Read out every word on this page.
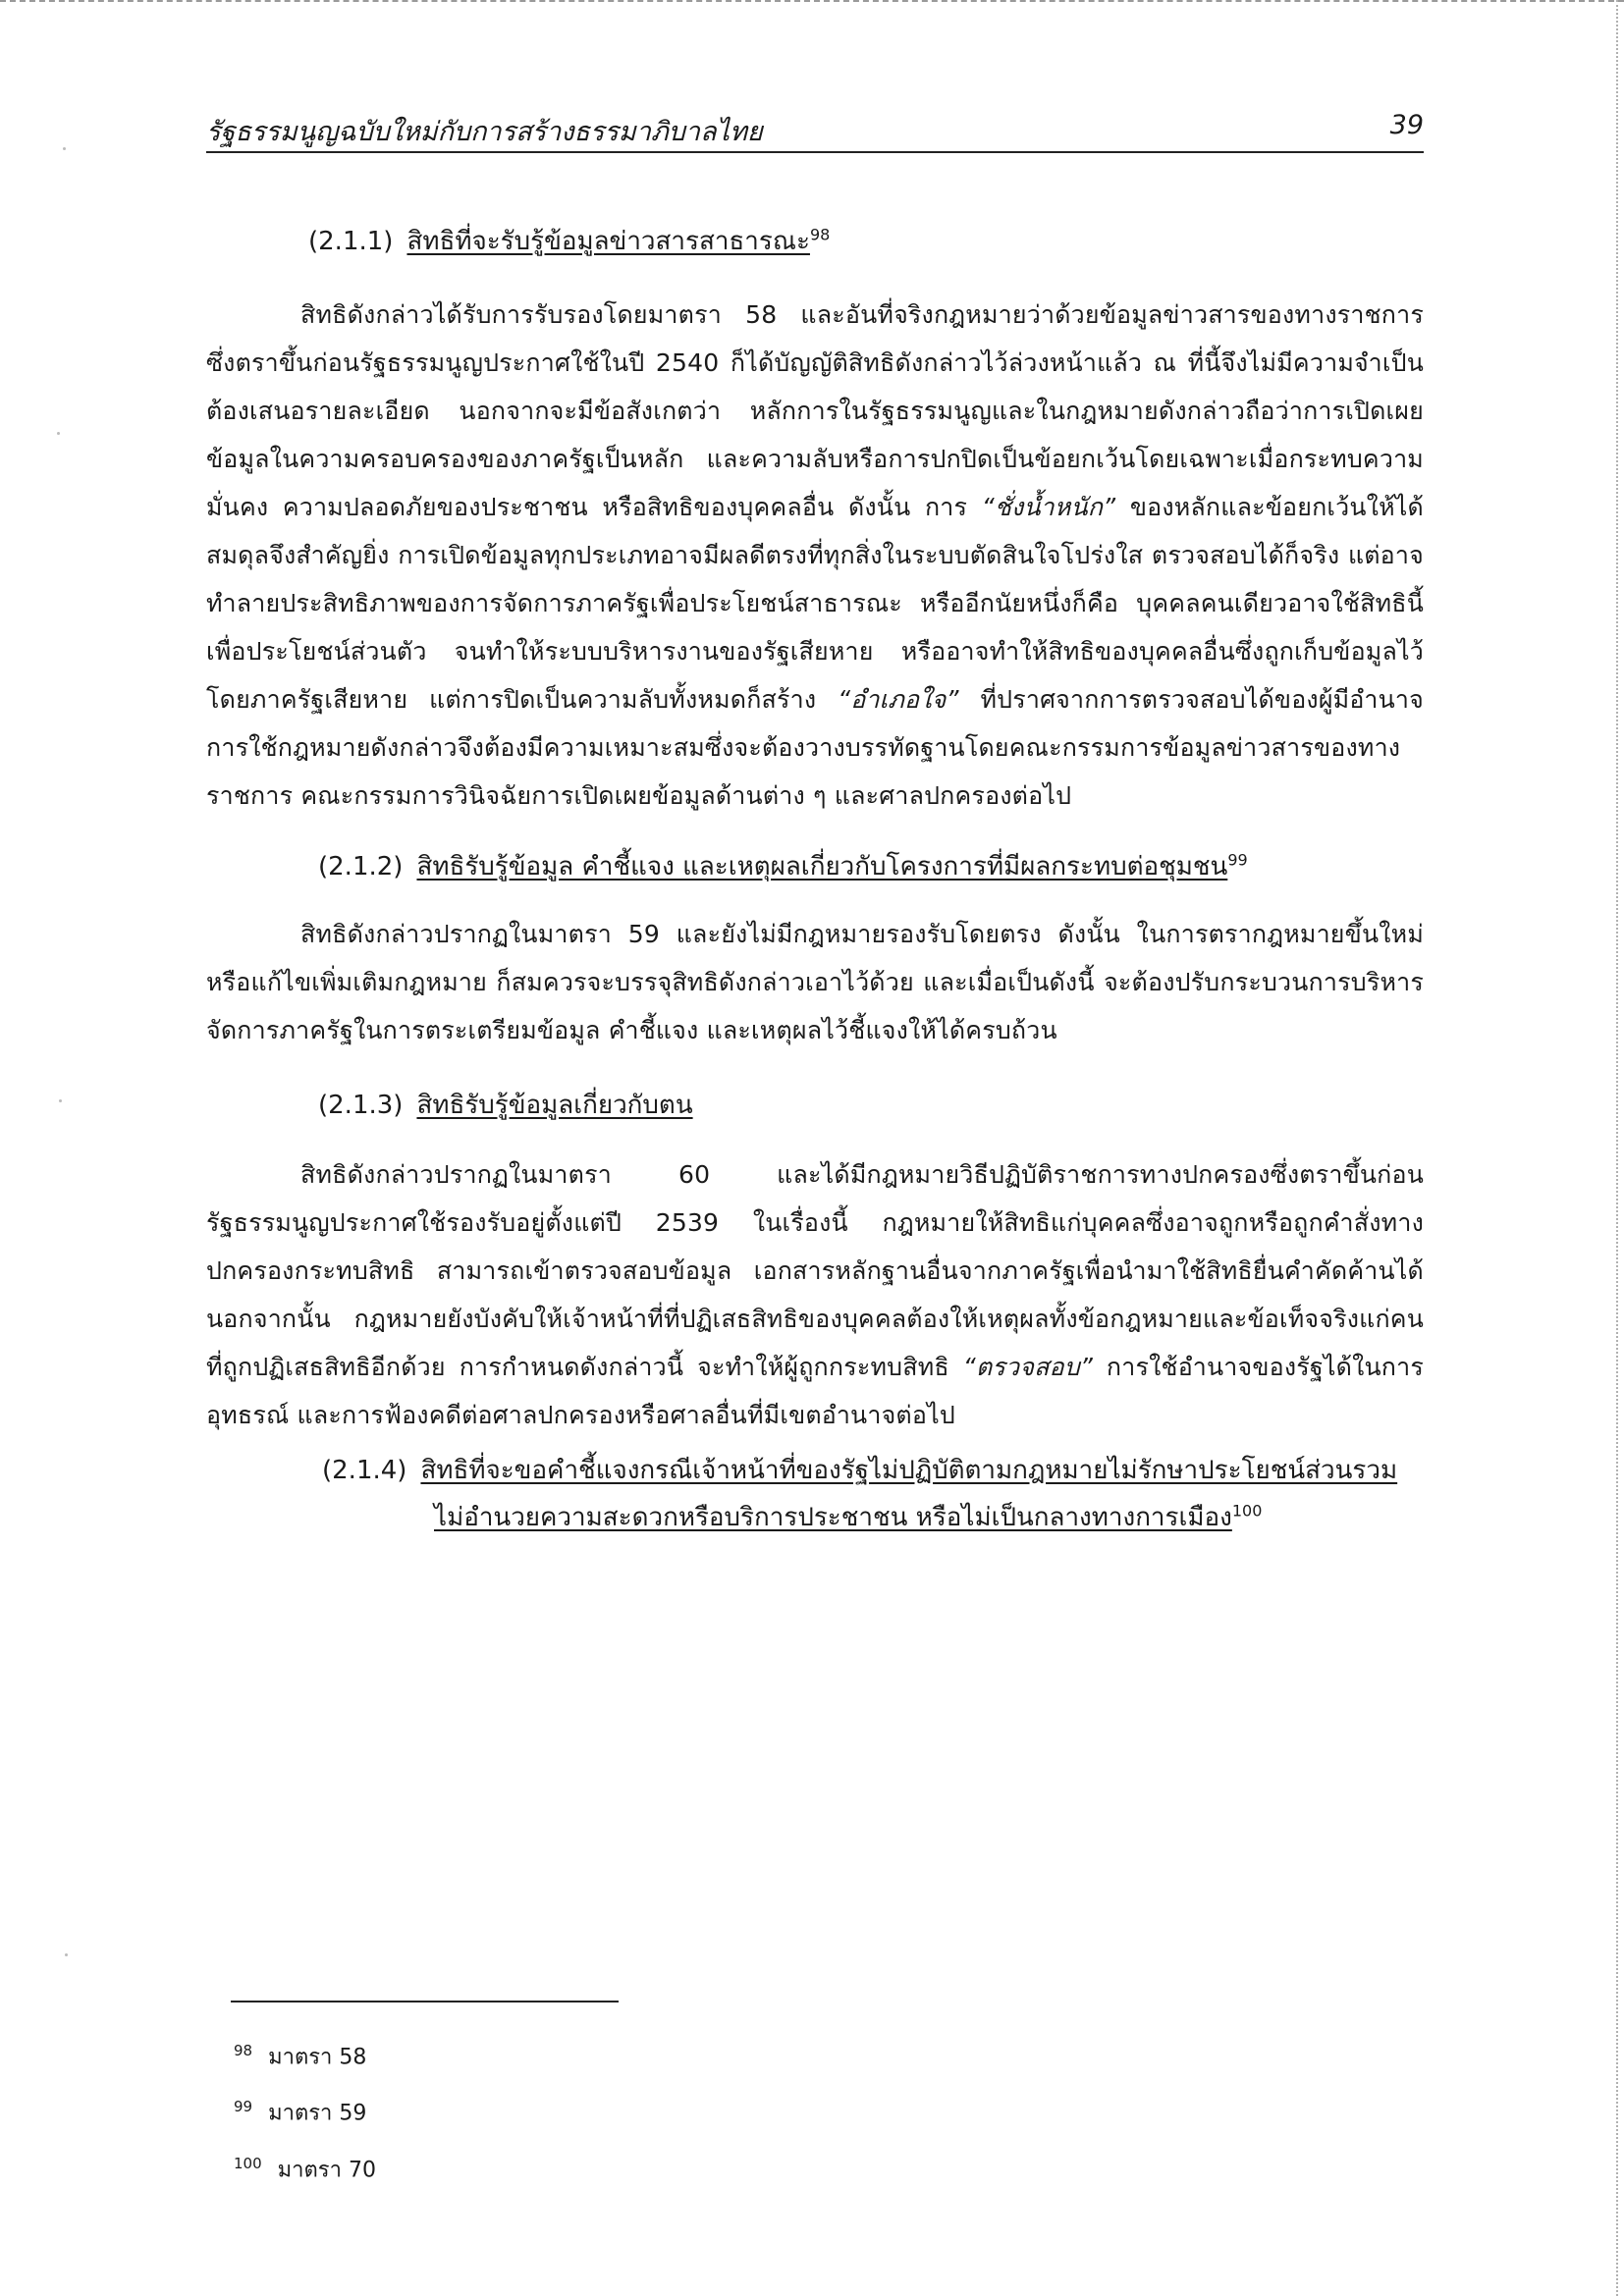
รัฐธรรมนูญฉบับใหม่กับการสร้างธรรมาภิบาลไทย	39

(2.1.1) สิทธิที่จะรับรู้ข้อมูลข่าวสารสาธารณะ$^{98}$

สิทธิดังกล่าวได้รับการรับรองโดยมาตรา 58 และอันที่จริงกฎหมายว่าด้วยข้อมูลข่าวสารของทางราชการ ซึ่งตราขึ้นก่อนรัฐธรรมนูญประกาศใช้ในปี 2540 ก็ได้บัญญัติสิทธิดังกล่าวไว้ล่วงหน้าแล้ว ณ ที่นี้จึงไม่มีความจำเป็นต้องเสนอรายละเอียด นอกจากจะมีข้อสังเกตว่า หลักการในรัฐธรรมนูญและในกฎหมายดังกล่าวถือว่าการเปิดเผยข้อมูลในความครอบครองของภาครัฐเป็นหลัก และความลับหรือการปกปิดเป็นข้อยกเว้นโดยเฉพาะเมื่อกระทบความมั่นคง ความปลอดภัยของประชาชน หรือสิทธิของบุคคลอื่น ดังนั้น การ “ชั่งน้ำหนัก” ของหลักและข้อยกเว้นให้ได้สมดุลจึงสำคัญยิ่ง การเปิดข้อมูลทุกประเภทอาจมีผลดีตรงที่ทุกสิ่งในระบบตัดสินใจโปร่งใส ตรวจสอบได้ก็จริง แต่อาจทำลายประสิทธิภาพของการจัดการภาครัฐเพื่อประโยชน์สาธารณะ หรืออีกนัยหนึ่งก็คือ บุคคลคนเดียวอาจใช้สิทธินี้เพื่อประโยชน์ส่วนตัว จนทำให้ระบบบริหารงานของรัฐเสียหาย หรืออาจทำให้สิทธิของบุคคลอื่นซึ่งถูกเก็บข้อมูลไว้โดยภาครัฐเสียหาย แต่การปิดเป็นความลับทั้งหมดก็สร้าง “อำเภอใจ” ที่ปราศจากการตรวจสอบได้ของผู้มีอำนาจ การใช้กฎหมายดังกล่าวจึงต้องมีความเหมาะสมซึ่งจะต้องวางบรรทัดฐานโดยคณะกรรมการข้อมูลข่าวสารของทางราชการ คณะกรรมการวินิจฉัยการเปิดเผยข้อมูลด้านต่าง ๆ และศาลปกครองต่อไป

(2.1.2) สิทธิรับรู้ข้อมูล คำชี้แจง และเหตุผลเกี่ยวกับโครงการที่มีผลกระทบต่อชุมชน$^{99}$

สิทธิดังกล่าวปรากฏในมาตรา 59 และยังไม่มีกฎหมายรองรับโดยตรง ดังนั้น ในการตรากฎหมายขึ้นใหม่หรือแก้ไขเพิ่มเติมกฎหมาย ก็สมควรจะบรรจุสิทธิดังกล่าวเอาไว้ด้วย และเมื่อเป็นดังนี้ จะต้องปรับกระบวนการบริหารจัดการภาครัฐในการตระเตรียมข้อมูล คำชี้แจง และเหตุผลไว้ชี้แจงให้ได้ครบถ้วน

(2.1.3) สิทธิรับรู้ข้อมูลเกี่ยวกับตน

สิทธิดังกล่าวปรากฏในมาตรา 60 และได้มีกฎหมายวิธีปฏิบัติราชการทางปกครองซึ่งตราขึ้นก่อนรัฐธรรมนูญประกาศใช้รองรับอยู่ตั้งแต่ปี 2539 ในเรื่องนี้ กฎหมายให้สิทธิแก่บุคคลซึ่งอาจถูกหรือถูกคำสั่งทางปกครองกระทบสิทธิ สามารถเข้าตรวจสอบข้อมูล เอกสารหลักฐานอื่นจากภาครัฐเพื่อนำมาใช้สิทธิยื่นคำคัดค้านได้ นอกจากนั้น กฎหมายยังบังคับให้เจ้าหน้าที่ที่ปฏิเสธสิทธิของบุคคลต้องให้เหตุผลทั้งข้อกฎหมายและข้อเท็จจริงแก่คนที่ถูกปฏิเสธสิทธิอีกด้วย การกำหนดดังกล่าวนี้ จะทำให้ผู้ถูกกระทบสิทธิ “ตรวจสอบ” การใช้อำนาจของรัฐได้ในการอุทธรณ์ และการฟ้องคดีต่อศาลปกครองหรือศาลอื่นที่มีเขตอำนาจต่อไป

(2.1.4) สิทธิที่จะขอคำชี้แจงกรณีเจ้าหน้าที่ของรัฐไม่ปฏิบัติตามกฎหมายไม่รักษาประโยชน์ส่วนรวม

ไม่อำนวยความสะดวกหรือบริการประชาชน หรือไม่เป็นกลางทางการเมือง$^{100}$

$^{98}$ มาตรา 58
$^{99}$ มาตรา 59
$^{100}$ มาตรา 70
